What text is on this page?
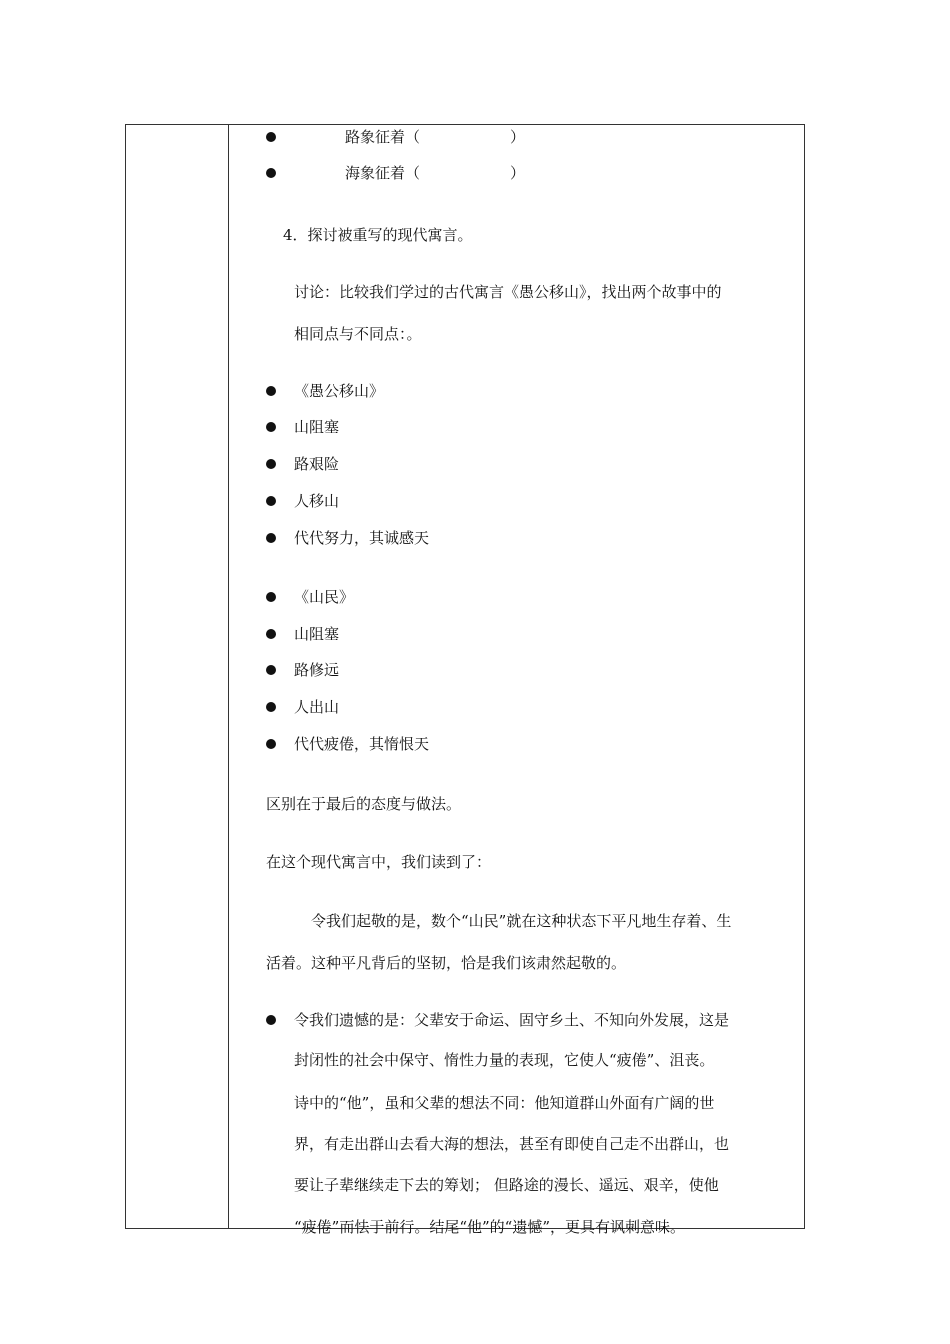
路象征着（	）
海象征着（	）
4．探讨被重写的现代寓言。
讨论：比较我们学过的古代寓言《愚公移山》，找出两个故事中的
相同点与不同点：。
《愚公移山》
山阻塞
路艰险
人移山
代代努力，其诚感天
《山民》
山阻塞
路修远
人出山
代代疲倦，其惰恨天
区别在于最后的态度与做法。
在这个现代寓言中，我们读到了：
令我们起敬的是，数个“山民”就在这种状态下平凡地生存着、生
活着。这种平凡背后的坚韧，恰是我们该肃然起敬的。
令我们遗憾的是：父辈安于命运、固守乡土、不知向外发展，这是
封闭性的社会中保守、惰性力量的表现，它使人“疲倦”、沮丧。
诗中的“他”，虽和父辈的想法不同：他知道群山外面有广阔的世
界，有走出群山去看大海的想法，甚至有即使自己走不出群山，也
要让子辈继续走下去的筹划； 但路途的漫长、遥远、艰辛，使他
“疲倦”而怯于前行。结尾“他”的“遗憾”，更具有讽刺意味。
